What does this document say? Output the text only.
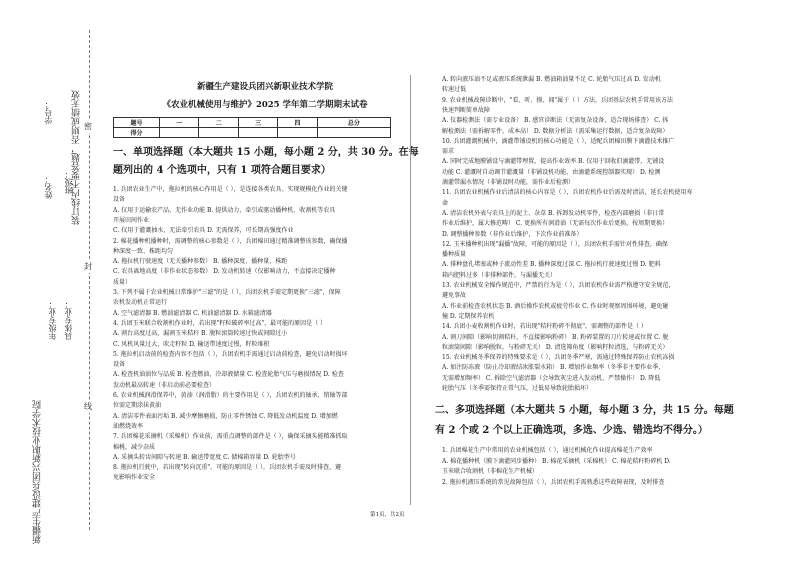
新疆生产建设兵团兴新职业技术学院
年级专业： 具体专业：
班级：
姓名：
学号： 装订线内不要答题，否则成绩无效 密
封
线
新疆生产建设兵团兴新职业技术学院
《农业机械使用与维护》2025 学年第二学期期末试卷
题号	一	二	三	四	总分
得分					
一、单项选择题（本大题共 15 小题，每小题 2 分，共 30 分。在每
题列出的 4 个选项中，只有 1 项符合题目要求）
1. 兵团农业生产中，拖拉机的核心作用是（ ），是连接各类农具、实现规模化作业的关键
设备
A. 仅用于运输农产品，无作业功能 B. 提供动力，牵引或驱动播种机、收割机等农具
开展田间作业
C. 仅用于灌溉抽水，无法牵引农具 D. 无需保养，可长期高强度作业
2. 棉花播种机播种时，需调整的核心参数是（ ），兵团棉田通过精准调整该参数，确保播
种深度一致、株距均匀
A. 拖拉机行驶速度（无关播种参数） B. 播种深度、播种量、株距
C. 农具离地高度（非作业状态参数） D. 发动机转速（仅影响动力，不直接决定播种
质量）
3. 下列不属于农业机械日常维护"三滤"的是（ ），兵团农机手需定期更换"三滤"，保障
农机发动机正常运行
A. 空气滤清器 B. 燃油滤清器 C. 机油滤清器 D. 水箱滤清器
4. 兵团玉米联合收割机作业时，若出现"籽粒破碎率过高"，最可能的原因是（ ）
A. 割台高度过高，漏割玉米秸秆 B. 脱粒滚筒转速过快或间隙过小
C. 风机风量过大，吹走籽粒 D. 输送带速度过慢，籽粒堆积
5. 拖拉机启动前的检查内容不包括（ ），兵团农机手需通过启动前检查，避免启动时损坏
设备
A. 检查机油油位与品质 B. 检查燃油、冷却液储量 C. 检查轮胎气压与磨损情况 D. 检查
发动机最高转速（非启动前必要检查）
6. 农业机械润滑保养中，黄油（润滑脂）的主要作用是（ ），兵团农机的轴承、销轴等部
位需定期涂抹黄油
A. 清洁零件表面污垢 B. 减少摩擦磨损，防止零件锈蚀 C. 降低发动机温度 D. 增加燃
油燃烧效率
7. 兵团棉花采摘机（采棉机）作业前，需重点调整的部件是（ ），确保采摘头能精准抓取
棉桃，减少杂质
A. 采摘头转齿间隙与转速 B. 输送带宽度 C. 储棉箱容量 D. 轮胎型号
8. 拖拉机行驶中，若出现"转向沉重"，可能的原因是（ ），兵团农机手需及时排查，避
免影响作业安全
A. 转向液压油不足或液压系统泄漏 B. 燃油箱油量不足 C. 轮胎气压过高 D. 发动机
转速过低
9. 农业机械故障诊断中，"看、听、摸、闻"属于（ ）方法，兵团基层农机手常用该方法
快速判断简单故障
A. 仪器检测法（需专业设备） B. 感官诊断法（无需复杂设备，适合现场排查） C. 拆
解检测法（需拆解零件，成本高） D. 数据分析法（需采集运行数据，适合复杂故障）
10. 兵团灌溉机械中，滴灌带铺设机的核心功能是（ ），适配兵团棉田膜下滴灌技术推广
需求
A. 同时完成地膜铺设与滴灌带埋置，提高作业效率 B. 仅用于回收旧滴灌带，无铺设
功能 C. 灌溉时自动调节灌溉量（非铺设机功能，由滴灌系统控制器实现） D. 检测
滴灌带漏水情况（非铺设时功能，需作业后检测）
11. 兵团农业机械作业后清洁的核心内容是（ ），兵团农机作业后需及时清洁，延长农机使用寿
命
A. 清洁农机外表与农具上的泥土、杂草 B. 拆卸发动机零件，检查内部磨损（非日常
作业后维护，属大修范畴） C. 更换所有润滑油（无需每次作业后更换，按周期更换）
D. 调整播种参数（非作业后维护，下次作业前准备）
12. 玉米播种机出现"漏播"故障，可能的原因是（ ），兵团农机手需针对性排查，确保
播种质量
A. 排种盘孔堵塞或种子流动性差 B. 播种深度过深 C. 拖拉机行驶速度过慢 D. 肥料
箱内肥料过多（非排种部件，与漏播无关）
13. 农业机械安全操作规范中，严禁的行为是（ ），兵团农机作业需严格遵守安全规范，
避免事故
A. 作业前检查农机状态 B. 酒后操作农机或疲劳作业 C. 作业时观察周围环境，避免碰
撞 D. 定期保养农机
14. 兵团小麦收割机作业时，若出现"秸秆粉碎不彻底"，需调整的部件是（ ）
A. 割刀间隙（影响切割秸秆，不直接影响粉碎） B. 粉碎装置的刀片转速或位置 C. 脱
粒滚筒间隙（影响脱粒，与粉碎无关） D. 清选筛角度（影响籽粒清选，与粉碎无关）
15. 农业机械冬季保养的特殊要求是（ ），兵团冬季严寒，需通过特殊保养防止农机冻损
A. 加注防冻液（防止冷却液结冰胀裂水箱） B. 增加作业频率（冬季非主要作业季，
无需增加频率） C. 拆除空气滤清器（会导致灰尘进入发动机，严禁操作） D. 降低
轮胎气压（冬季需保持正常气压，过低易导致轮胎损坏）
二、多项选择题（本大题共 5 小题，每小题 3 分，共 15 分。每题
有 2 个或 2 个以上正确选项，多选、少选、错选均不得分。）
1. 兵团棉花生产中常用的农业机械包括（ ），通过机械化作业提高棉花生产效率
A. 棉花播种机（膜下滴灌同步播种） B. 棉花采摘机（采棉机） C. 棉花秸秆粉碎机 D.
玉米联合收割机（非棉花生产机械）
2. 拖拉机液压系统的常见故障包括（ ），兵团农机手需熟悉这些故障表现，及时排查
第1页，共2页
